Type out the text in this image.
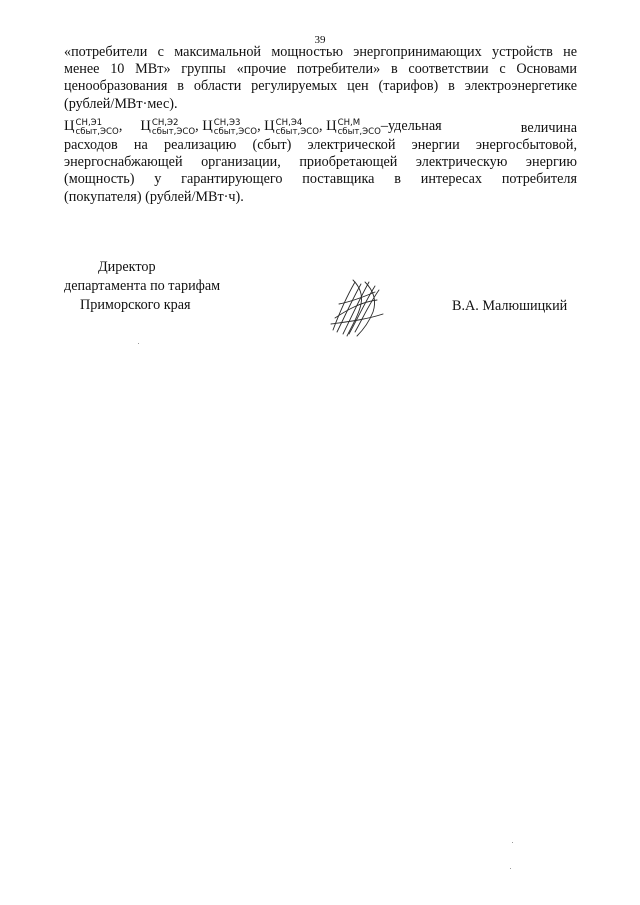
39
«потребители с максимальной мощностью энергопринимающих устройств не
менее 10 МВт» группы «прочие потребители» в соответствии с Основами
ценообразования в области регулируемых цен (тарифов) в электроэнергетике
(рублей/МВт·мес).
Ц СН,Э1
сбыт,ЭСО , Ц СН,Э2
сбыт,ЭСО , Ц СН,Э3
сбыт,ЭСО , Ц СН,Э4
сбыт,ЭСО , Ц СН,М
сбыт,ЭСО –удельная	величина
расходов на реализацию (сбыт) электрической энергии энергосбытовой,
энергоснабжающей организации, приобретающей электрическую энергию
(мощность) у гарантирующего поставщика в интересах потребителя
(покупателя) (рублей/МВт·ч).
Директор
департамента по тарифам
Приморского края	В.А. Малюшицкий
